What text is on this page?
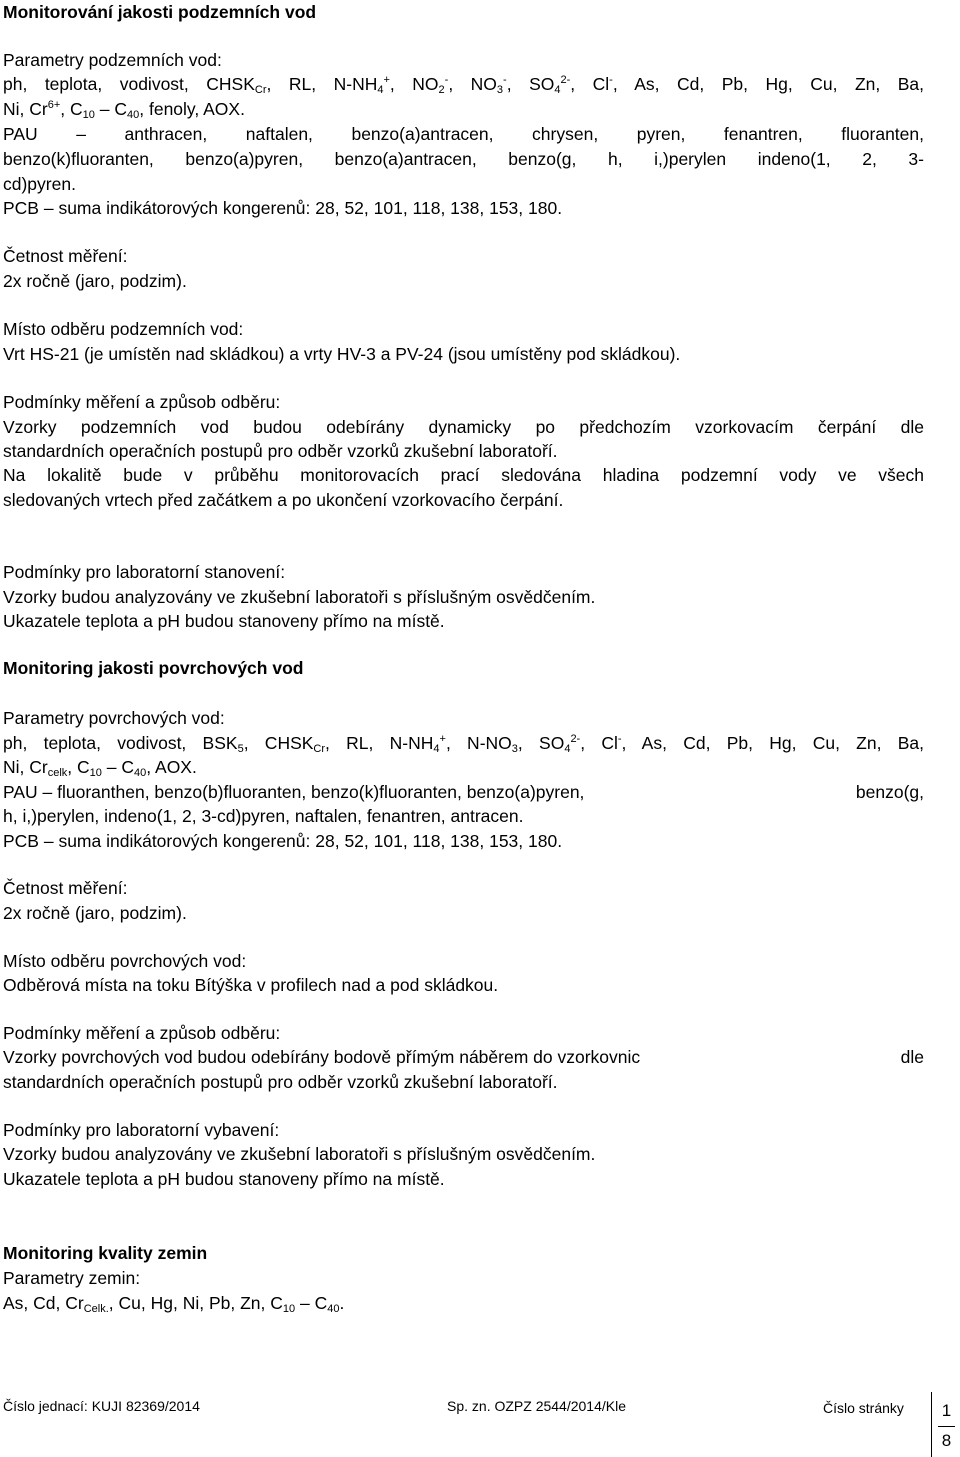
Monitorování jakosti podzemních vod

Parametry podzemních vod:

ph, teplota, vodivost, $CHSK_{Cr}$, RL, $N-NH_4^+$, $NO_2^-$, $NO_3^-$, $SO_4^{2-}$, Cl-, As, Cd, Pb, Hg, Cu, Zn, Ba,

Ni, $Cr^{6+}$, $C_{10} - C_{40}$, fenoly, AOX.

PAU – anthracen, naftalen, benzo(a)antracen, chrysen, pyren, fenantren, fluoranten,

benzo(k)fluoranten, benzo(a)pyren, benzo(a)antracen, benzo(g, h, i,)perylen indeno(1, 2, 3-

cd)pyren.

PCB – suma indikátorových kongerenů: 28, 52, 101, 118, 138, 153, 180.

Četnost měření:

2x ročně (jaro, podzim).

Místo odběru podzemních vod:

Vrt HS-21 (je umístěn nad skládkou) a vrty HV-3 a PV-24 (jsou umístěny pod skládkou).

Podmínky měření a způsob odběru:

Vzorky podzemních vod budou odebírány dynamicky po předchozím vzorkovacím čerpání dle

standardních operačních postupů pro odběr vzorků zkušební laboratoří.

Na lokalitě bude v průběhu monitorovacích prací sledována hladina podzemní vody ve všech

sledovaných vrtech před začátkem a po ukončení vzorkovacího čerpání.

Podmínky pro laboratorní stanovení:

Vzorky budou analyzovány ve zkušební laboratoři s příslušným osvědčením.

Ukazatele teplota a pH budou stanoveny přímo na místě.

Monitoring jakosti povrchových vod

Parametry povrchových vod:

ph, teplota, vodivost, $BSK_5$, $CHSK_{Cr}$, RL, $N-NH_4^+$, $N-NO_3$, $SO_4^{2-}$, Cl-, As, Cd, Pb, Hg, Cu, Zn, Ba,

Ni, $Cr_{celk}$, $C_{10} - C_{40}$, AOX.

PAU – fluoranthen, benzo(b)fluoranten, benzo(k)fluoranten, benzo(a)pyren,	benzo(g,

h, i,)perylen, indeno(1, 2, 3-cd)pyren, naftalen, fenantren, antracen.

PCB – suma indikátorových kongerenů: 28, 52, 101, 118, 138, 153, 180.

Četnost měření:

2x ročně (jaro, podzim).

Místo odběru povrchových vod:

Odběrová místa na toku Bítýška v profilech nad a pod skládkou.

Podmínky měření a způsob odběru:

Vzorky povrchových vod budou odebírány bodově přímým náběrem do vzorkovnic	dle

standardních operačních postupů pro odběr vzorků zkušební laboratoří.

Podmínky pro laboratorní vybavení:

Vzorky budou analyzovány ve zkušební laboratoři s příslušným osvědčením.

Ukazatele teplota a pH budou stanoveny přímo na místě.

Monitoring kvality zemin

Parametry zemin:

As, Cd, $Cr_{Celk.}$, Cu, Hg, Ni, Pb, Zn, $C_{10} - C_{40}$.

Číslo jednací: KUJI 82369/2014	Sp. zn. OZPZ 2544/2014/Kle	Číslo stránky	1
8
